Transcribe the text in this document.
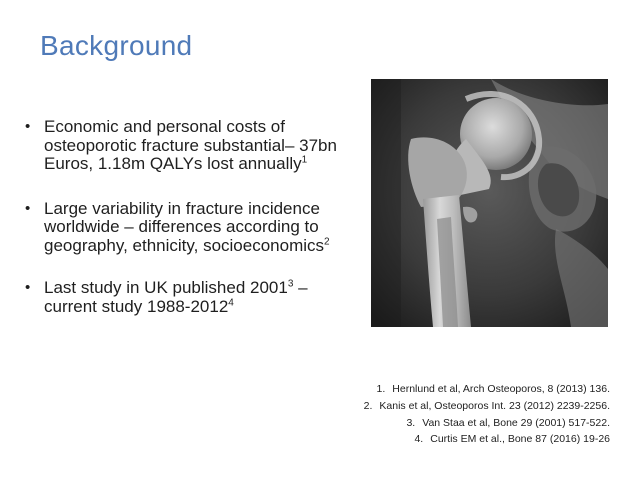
Background
• Economic and personal costs of osteoporotic fracture substantial– 37bn Euros, 1.18m QALYs lost annually$^1$
• Large variability in fracture incidence worldwide – differences according to geography, ethnicity, socioeconomics$^2$
• Last study in UK published 2001$^3$ – current study 1988-2012$^4$
1. Hernlund et al, Arch Osteoporos, 8 (2013) 136.
2. Kanis et al, Osteoporos Int. 23 (2012) 2239-2256.
3. Van Staa et al, Bone 29 (2001) 517-522.
4. Curtis EM et al., Bone 87 (2016) 19-26
